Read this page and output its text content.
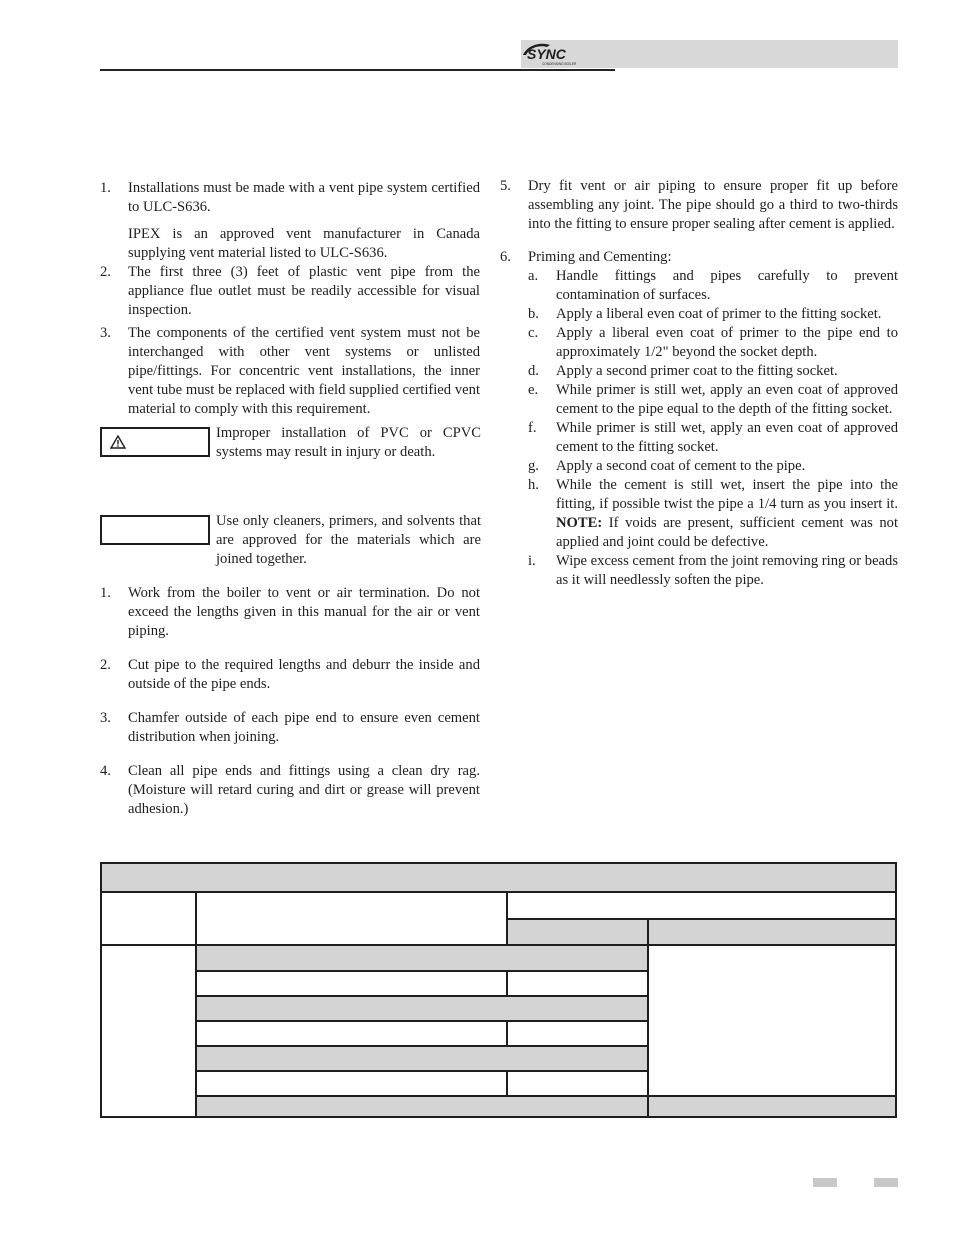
SYNC
CONDENSING BOILER
1. Installations must be made with a vent pipe system certified to ULC-S636.
IPEX is an approved vent manufacturer in Canada supplying vent material listed to ULC-S636.
2. The first three (3) feet of plastic vent pipe from the appliance flue outlet must be readily accessible for visual inspection.
3. The components of the certified vent system must not be interchanged with other vent systems or unlisted pipe/fittings. For concentric vent installations, the inner vent tube must be replaced with field supplied certified vent material to comply with this requirement.
Improper installation of PVC or CPVC systems may result in injury or death.
Use only cleaners, primers, and solvents that are approved for the materials which are joined together.
1. Work from the boiler to vent or air termination. Do not exceed the lengths given in this manual for the air or vent piping.
2. Cut pipe to the required lengths and deburr the inside and outside of the pipe ends.
3. Chamfer outside of each pipe end to ensure even cement distribution when joining.
4. Clean all pipe ends and fittings using a clean dry rag. (Moisture will retard curing and dirt or grease will prevent adhesion.)
5. Dry fit vent or air piping to ensure proper fit up before assembling any joint. The pipe should go a third to two-thirds into the fitting to ensure proper sealing after cement is applied.
6. Priming and Cementing:
a. Handle fittings and pipes carefully to prevent contamination of surfaces.
b. Apply a liberal even coat of primer to the fitting socket.
c. Apply a liberal even coat of primer to the pipe end to approximately 1/2" beyond the socket depth.
d. Apply a second primer coat to the fitting socket.
e. While primer is still wet, apply an even coat of approved cement to the pipe equal to the depth of the fitting socket.
f. While primer is still wet, apply an even coat of approved cement to the fitting socket.
g. Apply a second coat of cement to the pipe.
h. While the cement is still wet, insert the pipe into the fitting, if possible twist the pipe a 1/4 turn as you insert it. NOTE: If voids are present, sufficient cement was not applied and joint could be defective.
i. Wipe excess cement from the joint removing ring or beads as it will needlessly soften the pipe.
